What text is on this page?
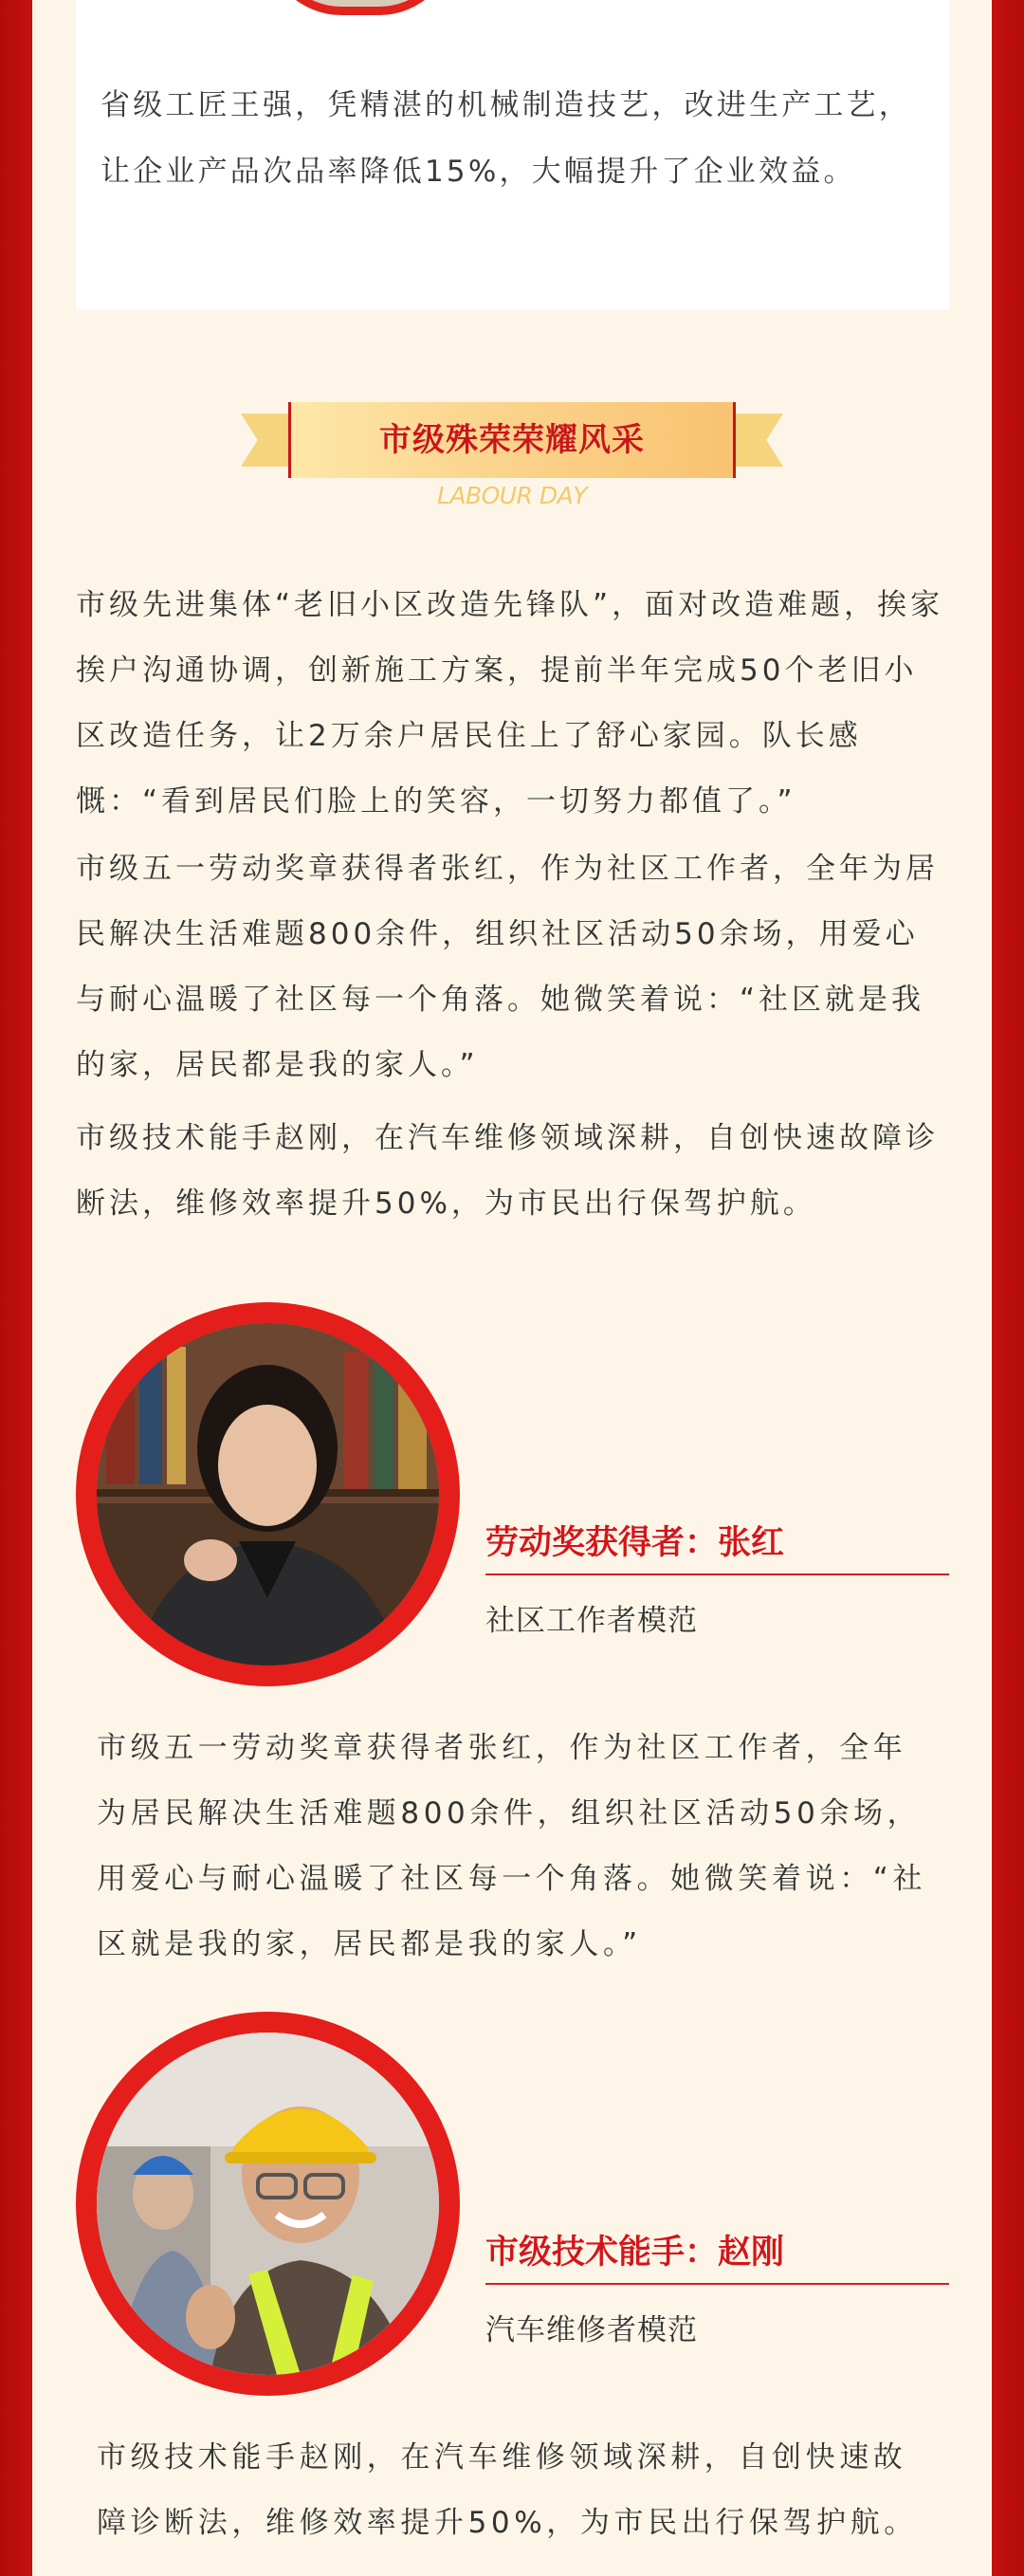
省级工匠王强，凭精湛的机械制造技艺，改进生产工艺，让企业产品次品率降低15%，大幅提升了企业效益。

市级殊荣荣耀风采
LABOUR DAY

市级先进集体“老旧小区改造先锋队”，面对改造难题，挨家挨户沟通协调，创新施工方案，提前半年完成50个老旧小区改造任务，让2万余户居民住上了舒心家园。队长感慨：“看到居民们脸上的笑容，一切努力都值了。”

市级五一劳动奖章获得者张红，作为社区工作者，全年为居民解决生活难题800余件，组织社区活动50余场，用爱心与耐心温暖了社区每一个角落。她微笑着说：“社区就是我的家，居民都是我的家人。”

市级技术能手赵刚，在汽车维修领域深耕，自创快速故障诊断法，维修效率提升50%，为市民出行保驾护航。

劳动奖获得者：张红
社区工作者模范

市级五一劳动奖章获得者张红，作为社区工作者，全年为居民解决生活难题800余件，组织社区活动50余场，用爱心与耐心温暖了社区每一个角落。她微笑着说：“社区就是我的家，居民都是我的家人。”

市级技术能手：赵刚
汽车维修者模范

市级技术能手赵刚，在汽车维修领域深耕，自创快速故障诊断法，维修效率提升50%，为市民出行保驾护航。
